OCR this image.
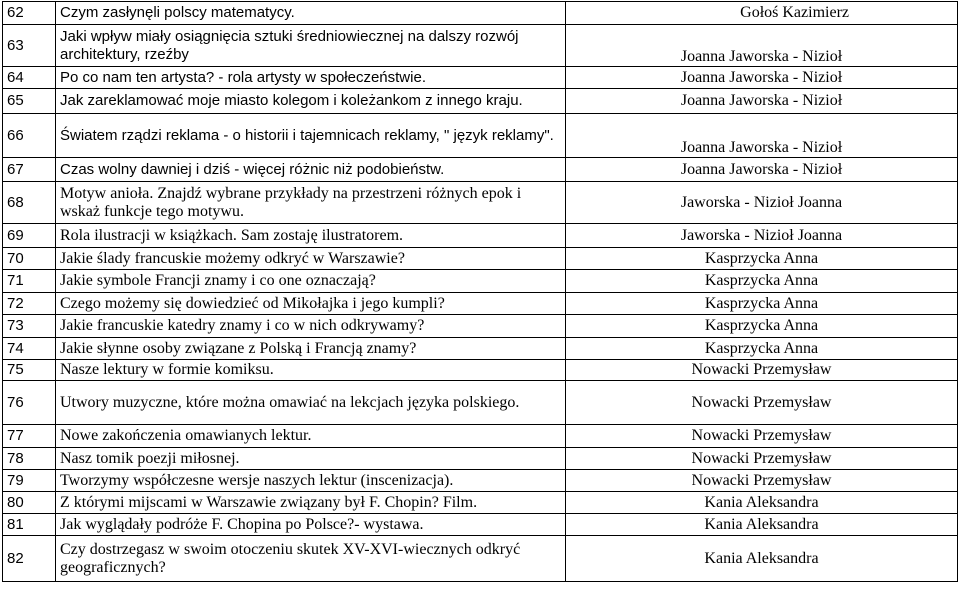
62	Czym zasłynęli polscy matematycy.	Gołoś Kazimierz
63	Jaki wpływ miały osiągnięcia sztuki średniowiecznej na dalszy rozwój architektury, rzeźby	Joanna Jaworska - Nizioł
64	Po co nam ten artysta? - rola artysty w społeczeństwie.	Joanna Jaworska - Nizioł
65	Jak zareklamować moje miasto kolegom i koleżankom z innego kraju.	Joanna Jaworska - Nizioł
66	Światem rządzi reklama - o historii i tajemnicach reklamy, " język reklamy".	Joanna Jaworska - Nizioł
67	Czas wolny dawniej i dziś - więcej różnic niż podobieństw.	Joanna Jaworska - Nizioł
68	Motyw anioła. Znajdź wybrane przykłady na przestrzeni różnych epok i wskaż funkcje tego motywu.	Jaworska - Nizioł Joanna
69	Rola ilustracji w książkach. Sam zostaję ilustratorem.	Jaworska - Nizioł Joanna
70	Jakie ślady francuskie możemy odkryć w Warszawie?	Kasprzycka Anna
71	Jakie symbole Francji znamy i co one oznaczają?	Kasprzycka Anna
72	Czego możemy się dowiedzieć od Mikołajka i jego kumpli?	Kasprzycka Anna
73	Jakie francuskie katedry znamy i co w nich odkrywamy?	Kasprzycka Anna
74	Jakie słynne osoby związane z Polską i Francją znamy?	Kasprzycka Anna
75	Nasze lektury w formie komiksu.	Nowacki Przemysław
76	Utwory muzyczne, które można omawiać na lekcjach języka polskiego.	Nowacki Przemysław
77	Nowe zakończenia omawianych lektur.	Nowacki Przemysław
78	Nasz tomik poezji miłosnej.	Nowacki Przemysław
79	Tworzymy współczesne wersje naszych lektur (inscenizacja).	Nowacki Przemysław
80	Z którymi mijscami w Warszawie związany był F. Chopin? Film.	Kania Aleksandra
81	Jak wyglądały podróże F. Chopina po Polsce?- wystawa.	Kania Aleksandra
82	Czy dostrzegasz w swoim otoczeniu skutek XV-XVI-wiecznych odkryć geograficznych?	Kania Aleksandra
